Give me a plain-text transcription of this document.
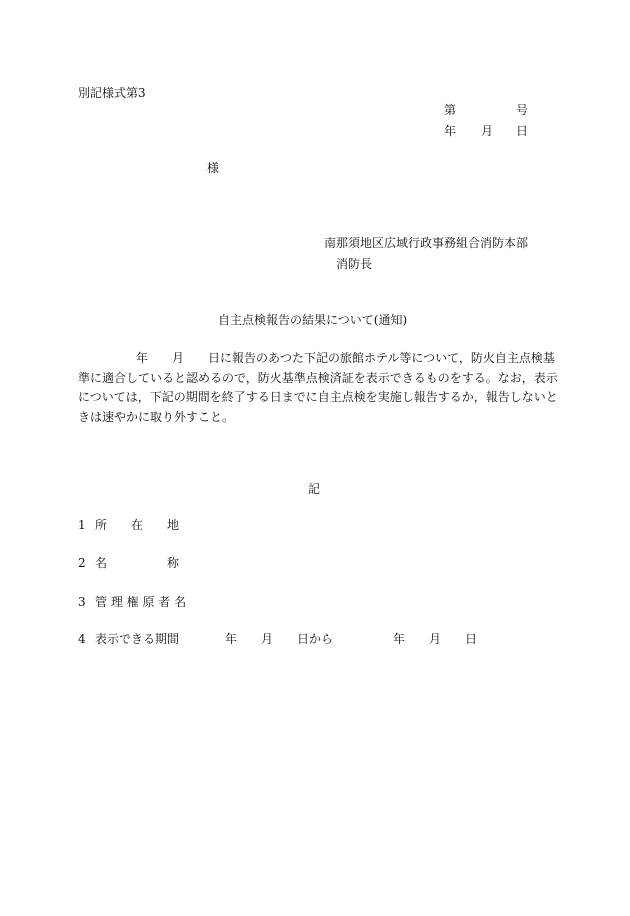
別記様式第3
第	号
年 月 日
様
南那須地区広域行政事務組合消防本部
消防長
自主点検報告の結果について(通知)
年　　月　　日に報告のあつた下記の旅館ホテル等について，防火自主点検基
準に適合していると認めるので，防火基準点検済証を表示できるものをする。なお，表示
については，下記の期間を終了する日までに自主点検を実施し報告するか，報告しないと
きは速やかに取り外すこと。
記
1 所　　在　　地
2 名　　　　　称
3 管 理 権 原 者 名
4 表示できる期間	年　　月　　日から　　　　　年　　月　　日
